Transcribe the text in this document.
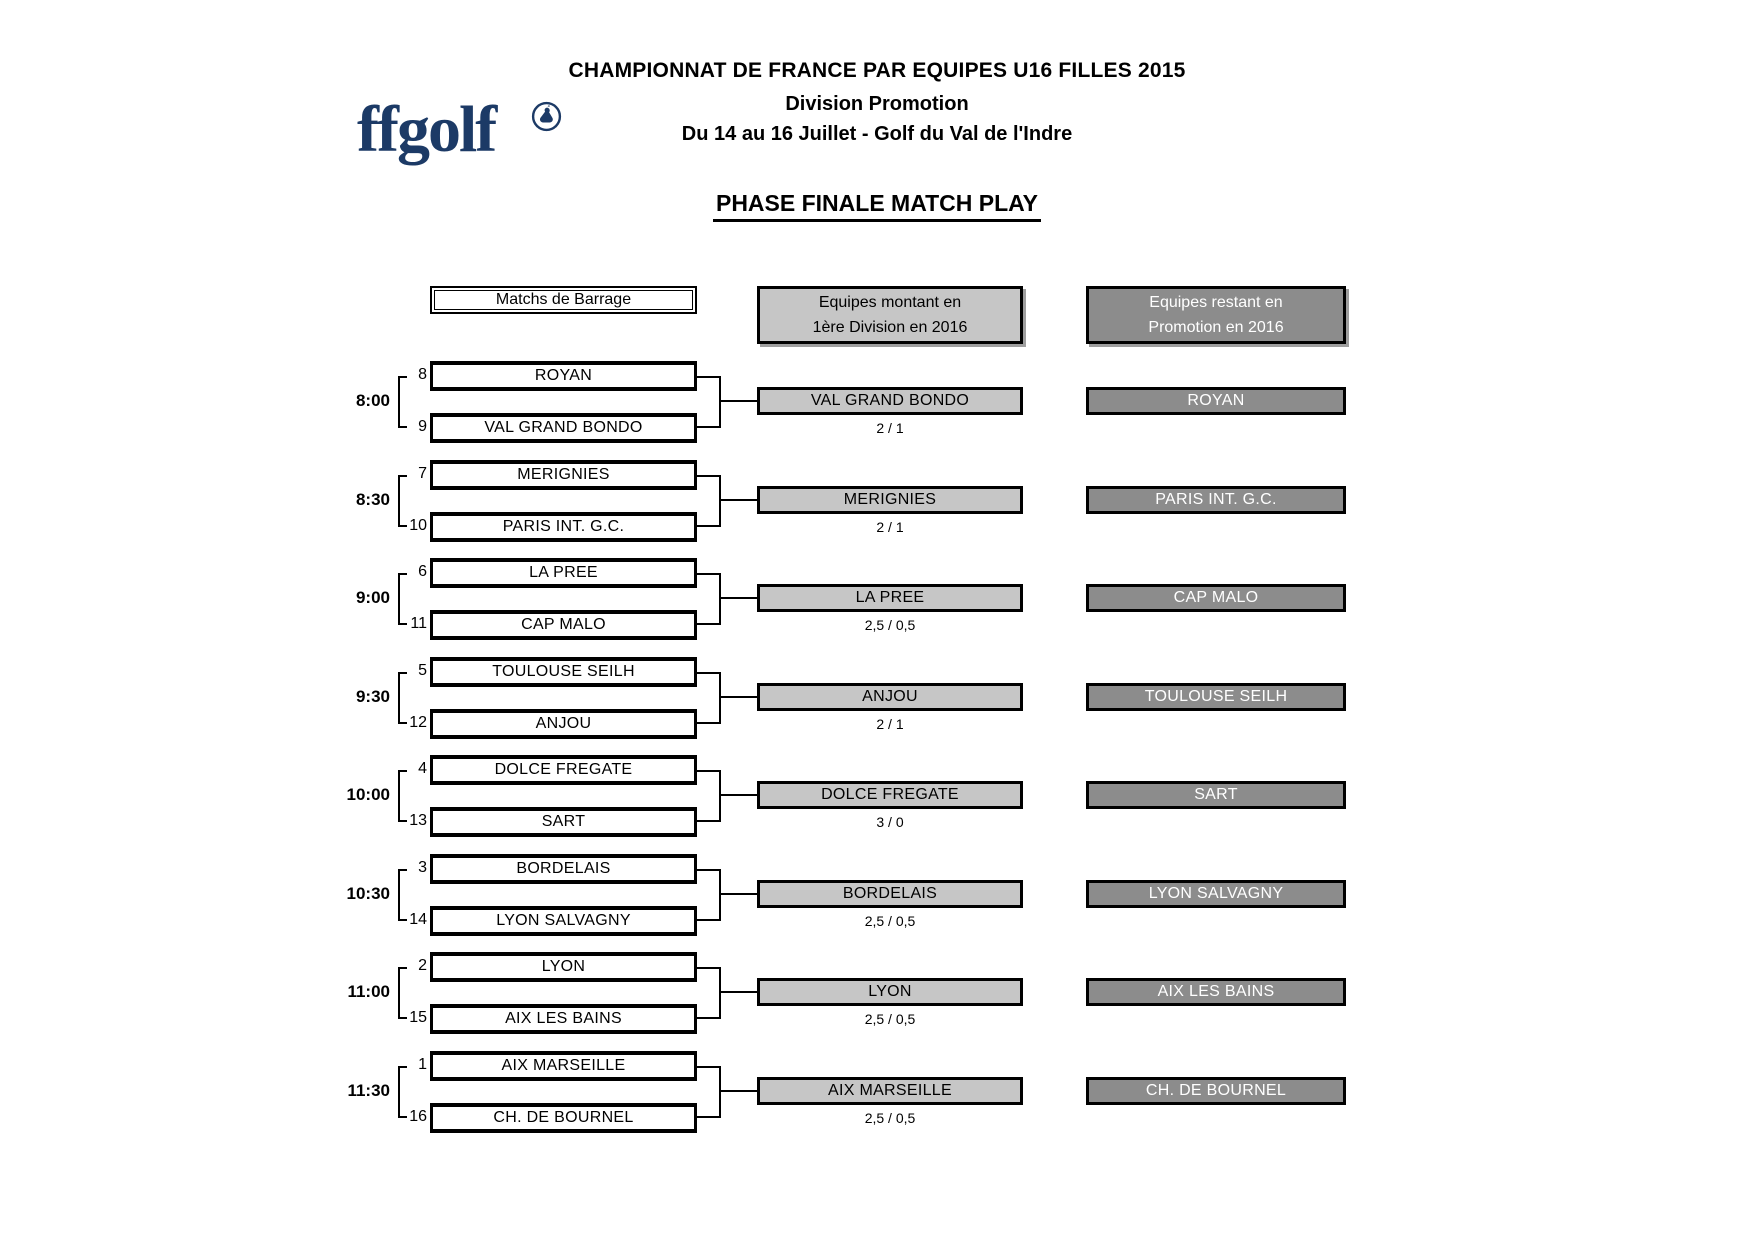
CHAMPIONNAT DE FRANCE PAR EQUIPES U16 FILLES 2015
Division Promotion
Du 14 au 16 Juillet - Golf du Val de l'Indre
ffgolf
PHASE FINALE MATCH PLAY
Matchs de Barrage	Equipes montant en
1ère Division en 2016
Equipes restant en
Promotion en 2016
8:00
8	ROYAN
9	VAL GRAND BONDO
VAL GRAND BONDO
2 / 1
ROYAN
8:30
7	MERIGNIES
10	PARIS INT. G.C.
MERIGNIES
2 / 1
PARIS INT. G.C.
9:00
6	LA PREE
11	CAP MALO
LA PREE
2,5 / 0,5
CAP MALO
9:30
5	TOULOUSE SEILH
12	ANJOU
ANJOU
2 / 1
TOULOUSE SEILH
10:00
4	DOLCE FREGATE
13	SART
DOLCE FREGATE
3 / 0
SART
10:30
3	BORDELAIS
14	LYON SALVAGNY
BORDELAIS
2,5 / 0,5
LYON SALVAGNY
11:00
2	LYON
15	AIX LES BAINS
LYON
2,5 / 0,5
AIX LES BAINS
11:30
1	AIX MARSEILLE
16	CH. DE BOURNEL
AIX MARSEILLE
2,5 / 0,5
CH. DE BOURNEL
